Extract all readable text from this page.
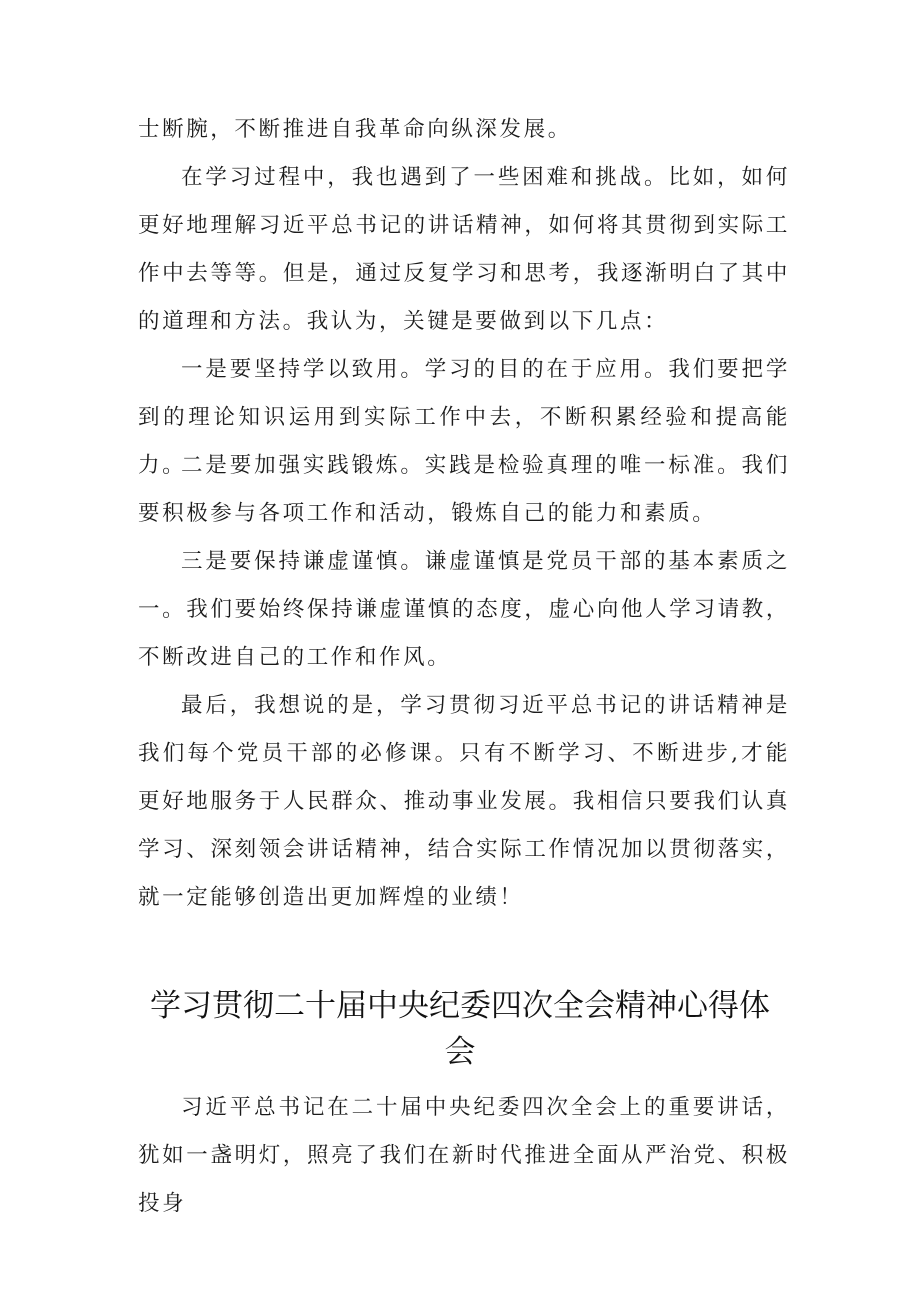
士断腕，不断推进自我革命向纵深发展。

在学习过程中，我也遇到了一些困难和挑战。比如，如何更好地理解习近平总书记的讲话精神，如何将其贯彻到实际工作中去等等。但是，通过反复学习和思考，我逐渐明白了其中的道理和方法。我认为，关键是要做到以下几点：

一是要坚持学以致用。学习的目的在于应用。我们要把学到的理论知识运用到实际工作中去，不断积累经验和提高能力。

二是要加强实践锻炼。实践是检验真理的唯一标准。我们要积极参与各项工作和活动，锻炼自己的能力和素质。

三是要保持谦虚谨慎。谦虚谨慎是党员干部的基本素质之一。我们要始终保持谦虚谨慎的态度，虚心向他人学习请教，不断改进自己的工作和作风。

最后，我想说的是，学习贯彻习近平总书记的讲话精神是我们每个党员干部的必修课。只有不断学习、不断进步,才能更好地服务于人民群众、推动事业发展。我相信只要我们认真学习、深刻领会讲话精神，结合实际工作情况加以贯彻落实，就一定能够创造出更加辉煌的业绩！

学习贯彻二十届中央纪委四次全会精神心得体会

习近平总书记在二十届中央纪委四次全会上的重要讲话，犹如一盏明灯，照亮了我们在新时代推进全面从严治党、积极投身
